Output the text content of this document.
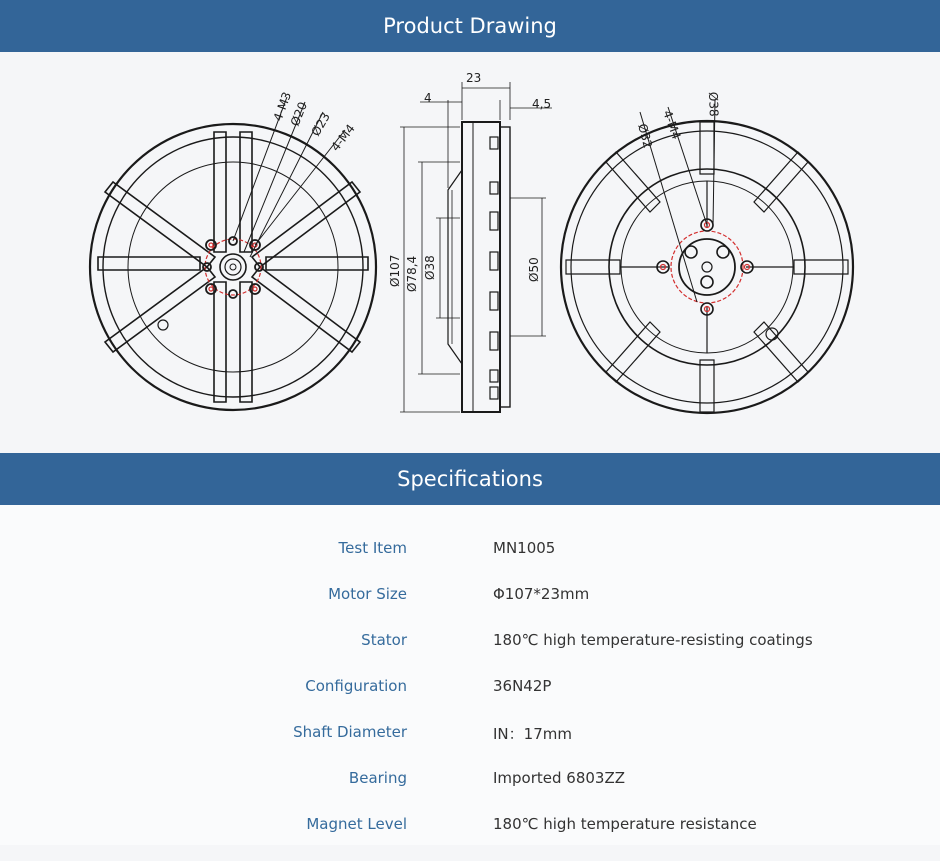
Product Drawing
4-M3
Ø20
Ø23
4-M4
23
4	4,5
Ø107 Ø78,4 Ø38	Ø50
Ø32 4-M4
Ø38
Specifications
Test Item	MN1005
Motor Size	Φ107*23mm
Stator	180℃ high temperature-resisting coatings
Configuration	36N42P
Shaft Diameter	IN：17mm
Bearing	Imported 6803ZZ
Magnet Level	180℃ high temperature resistance
